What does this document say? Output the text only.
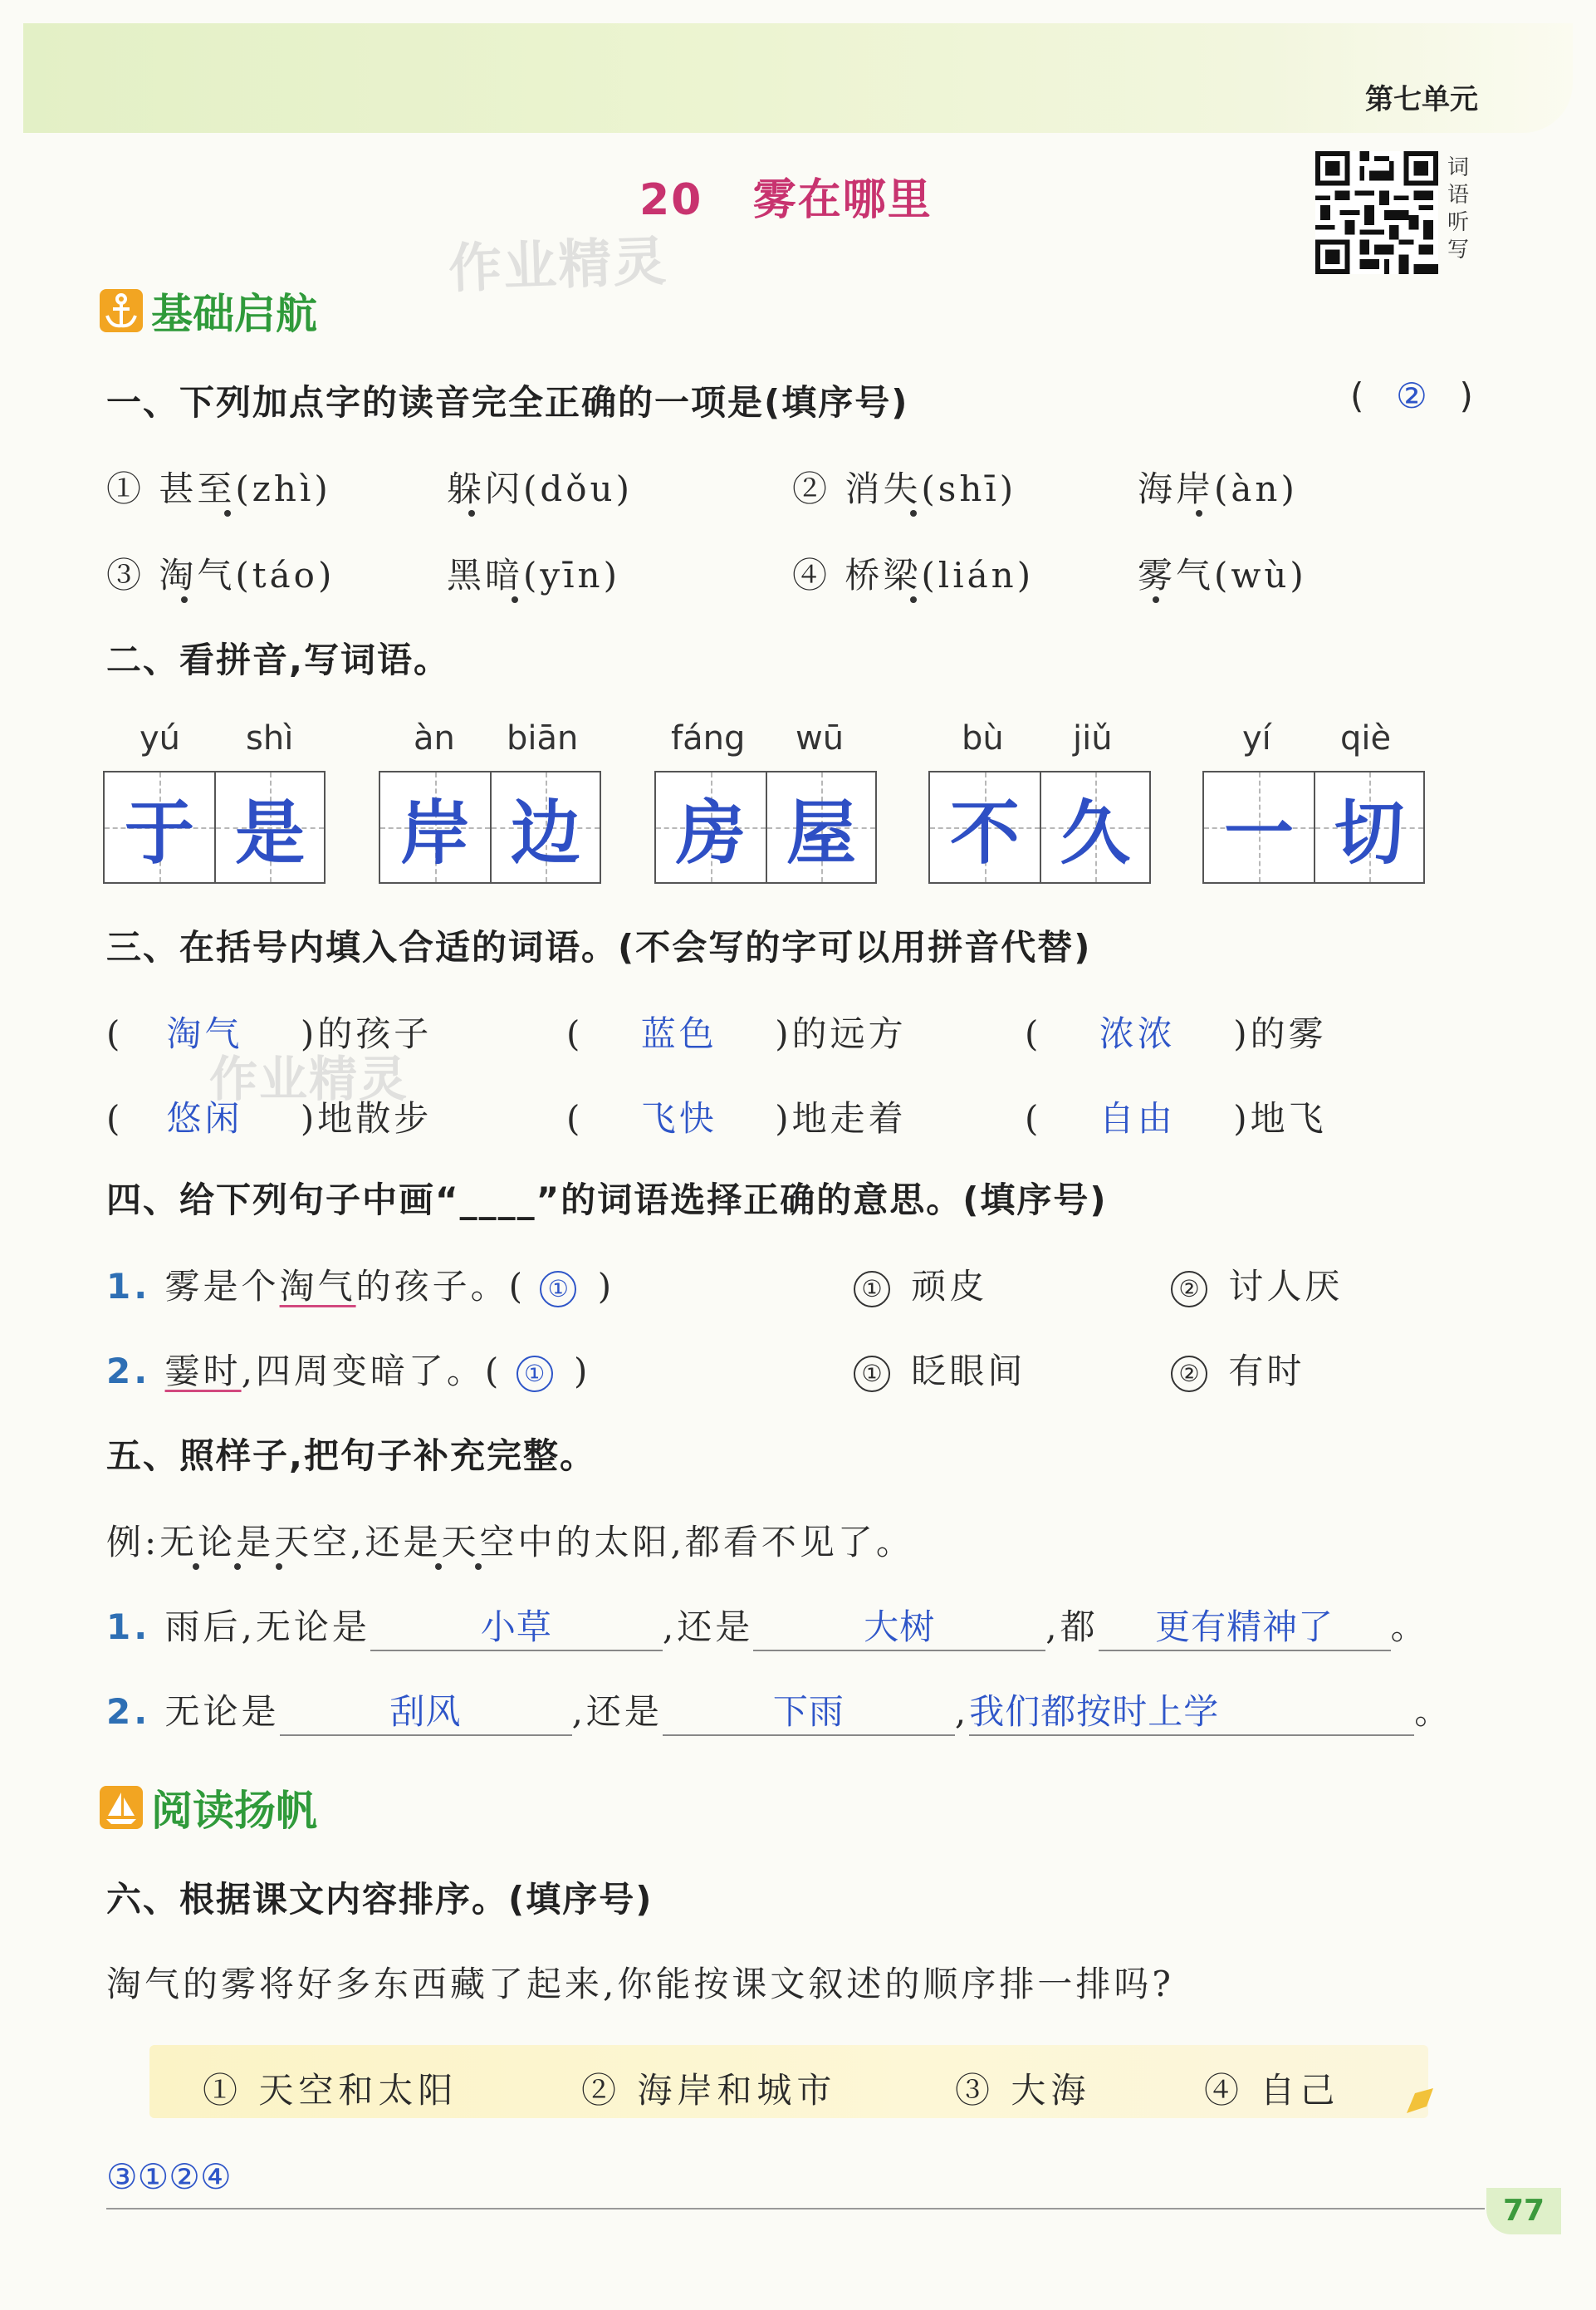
第七单元
20 雾在哪里
词语听写
作业精灵
作业精灵
基础启航
一、下列加点字的读音完全正确的一项是(填序号)	(  ②  )
① 甚至(zhì)	躲闪(dǒu)	② 消失(shī)	海岸(àn)
③ 淘气(táo)	黑暗(yīn)	④ 桥梁(lián)	雾气(wù)
二、看拼音,写词语。
yú shì
于 是
àn biān
岸 边
fáng wū
房 屋
bù jiǔ
不 久
yí qiè
一 切
三、在括号内填入合适的词语。(不会写的字可以用拼音代替)
(   淘气 )的孩子	(    蓝色 )的远方	(    浓浓 )的雾
(   悠闲 )地散步	(    飞快 )地走着	(    自由 )地飞
四、给下列句子中画“____”的词语选择正确的意思。(填序号)
1. 雾是个淘气的孩子。( ① )	① 顽皮	② 讨人厌
2. 霎时,四周变暗了。( ① )	① 眨眼间	② 有时
五、照样子,把句子补充完整。
例:无论是天空,还是天空中的太阳,都看不见了。
1. 雨后,无论是	小草	,还是	大树	,都 更有精神了 。
2. 无论是	刮风	,还是	下雨	,我们都按时上学	。
阅读扬帆
六、根据课文内容排序。(填序号)
淘气的雾将好多东西藏了起来,你能按课文叙述的顺序排一排吗?
① 天空和太阳	② 海岸和城市	③ 大海	④ 自己
③①②④
77
